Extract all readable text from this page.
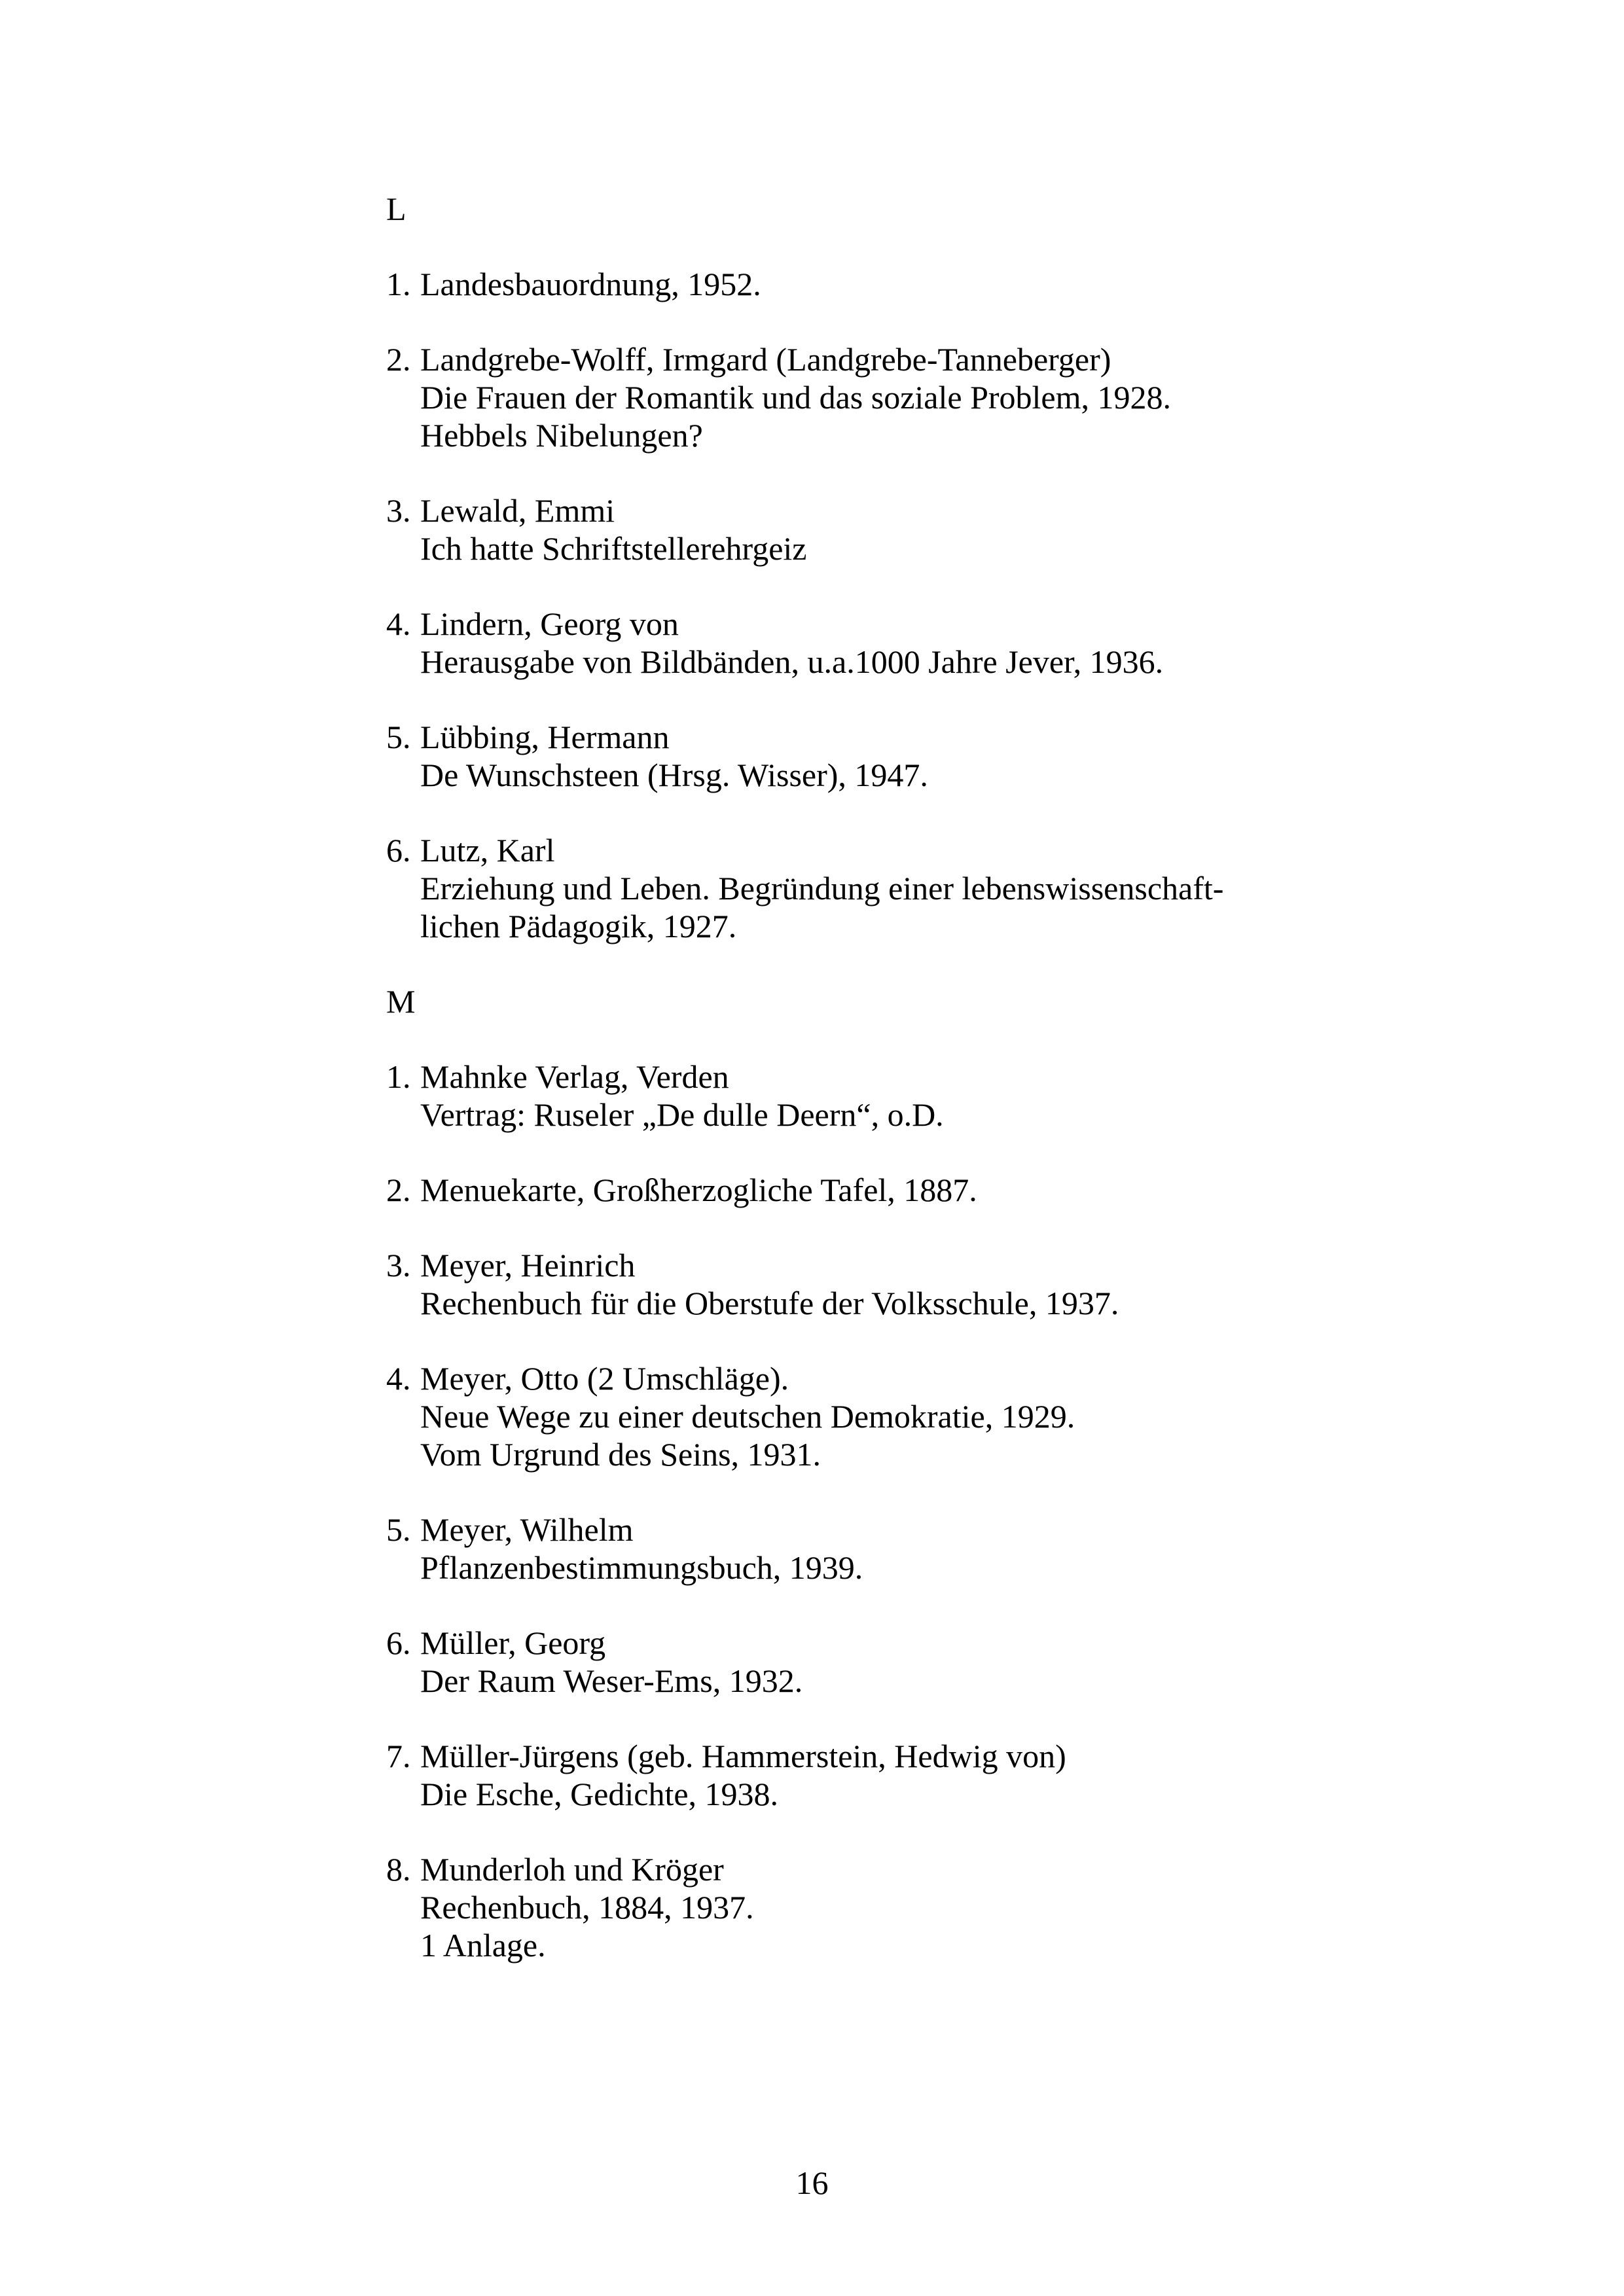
L
1. Landesbauordnung, 1952.
2. Landgrebe-Wolff, Irmgard (Landgrebe-Tanneberger)
Die Frauen der Romantik und das soziale Problem, 1928.
Hebbels Nibelungen?
3. Lewald, Emmi
Ich hatte Schriftstellerehrgeiz
4. Lindern, Georg von
Herausgabe von Bildbänden, u.a.1000 Jahre Jever, 1936.
5. Lübbing, Hermann
De Wunschsteen (Hrsg. Wisser), 1947.
6. Lutz, Karl
Erziehung und Leben. Begründung einer lebenswissenschaft-
lichen Pädagogik, 1927.
M
1. Mahnke Verlag, Verden
Vertrag: Ruseler „De dulle Deern“, o.D.
2. Menuekarte, Großherzogliche Tafel, 1887.
3. Meyer, Heinrich
Rechenbuch für die Oberstufe der Volksschule, 1937.
4. Meyer, Otto (2 Umschläge).
Neue Wege zu einer deutschen Demokratie, 1929.
Vom Urgrund des Seins, 1931.
5. Meyer, Wilhelm
Pflanzenbestimmungsbuch, 1939.
6. Müller, Georg
Der Raum Weser-Ems, 1932.
7. Müller-Jürgens (geb. Hammerstein, Hedwig von)
Die Esche, Gedichte, 1938.
8. Munderloh und Kröger
Rechenbuch, 1884, 1937.
1 Anlage.
16
